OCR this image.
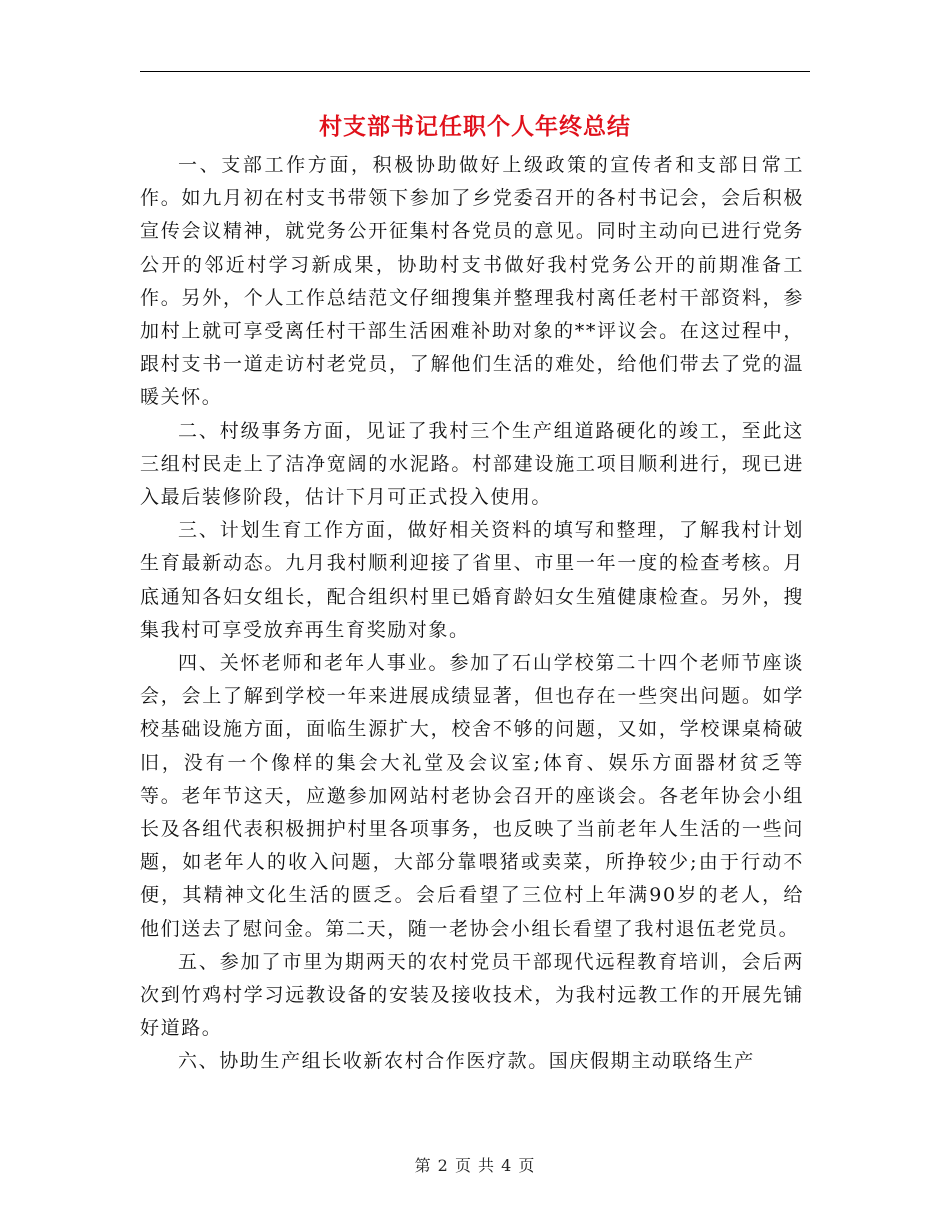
村支部书记任职个人年终总结

一、支部工作方面，积极协助做好上级政策的宣传者和支部日常工作。如九月初在村支书带领下参加了乡党委召开的各村书记会，会后积极宣传会议精神，就党务公开征集村各党员的意见。同时主动向已进行党务公开的邻近村学习新成果，协助村支书做好我村党务公开的前期准备工作。另外，个人工作总结范文仔细搜集并整理我村离任老村干部资料，参加村上就可享受离任村干部生活困难补助对象的**评议会。在这过程中，跟村支书一道走访村老党员，了解他们生活的难处，给他们带去了党的温暖关怀。

二、村级事务方面，见证了我村三个生产组道路硬化的竣工，至此这三组村民走上了洁净宽阔的水泥路。村部建设施工项目顺利进行，现已进入最后装修阶段，估计下月可正式投入使用。

三、计划生育工作方面，做好相关资料的填写和整理，了解我村计划生育最新动态。九月我村顺利迎接了省里、市里一年一度的检查考核。月底通知各妇女组长，配合组织村里已婚育龄妇女生殖健康检查。另外，搜集我村可享受放弃再生育奖励对象。

四、关怀老师和老年人事业。参加了石山学校第二十四个老师节座谈会，会上了解到学校一年来进展成绩显著，但也存在一些突出问题。如学校基础设施方面，面临生源扩大，校舍不够的问题，又如，学校课桌椅破旧，没有一个像样的集会大礼堂及会议室;体育、娱乐方面器材贫乏等等。老年节这天，应邀参加网站村老协会召开的座谈会。各老年协会小组长及各组代表积极拥护村里各项事务，也反映了当前老年人生活的一些问题，如老年人的收入问题，大部分靠喂猪或卖菜，所挣较少;由于行动不便，其精神文化生活的匮乏。会后看望了三位村上年满90岁的老人，给他们送去了慰问金。第二天，随一老协会小组长看望了我村退伍老党员。

五、参加了市里为期两天的农村党员干部现代远程教育培训，会后两次到竹鸡村学习远教设备的安装及接收技术，为我村远教工作的开展先铺好道路。

六、协助生产组长收新农村合作医疗款。国庆假期主动联络生产

第 2 页 共 4 页
